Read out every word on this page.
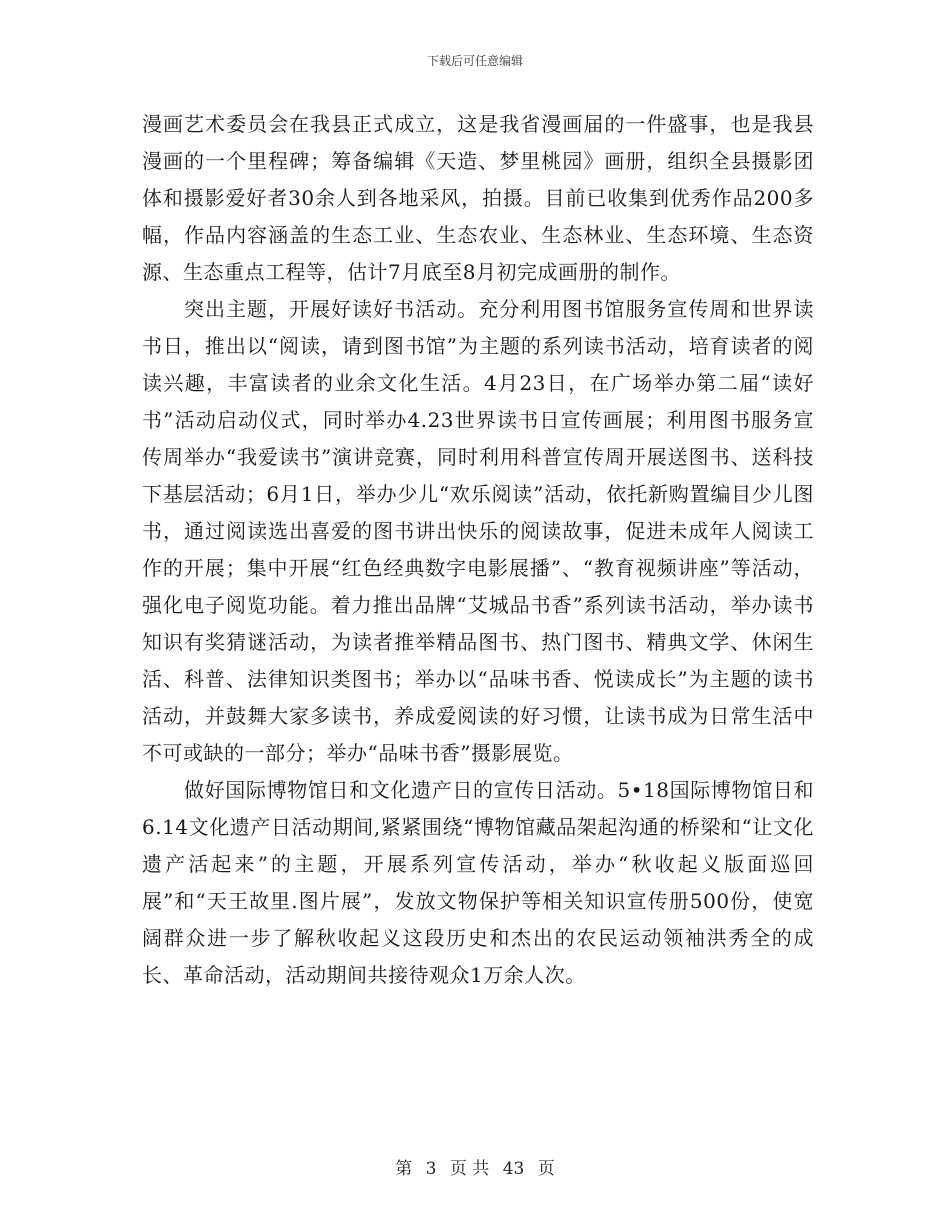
下载后可任意编辑

漫画艺术委员会在我县正式成立，这是我省漫画届的一件盛事，也是我县漫画的一个里程碑；筹备编辑《天造、梦里桃园》画册，组织全县摄影团体和摄影爱好者30余人到各地采风，拍摄。目前已收集到优秀作品200多幅，作品内容涵盖的生态工业、生态农业、生态林业、生态环境、生态资源、生态重点工程等，估计7月底至8月初完成画册的制作。

突出主题，开展好读好书活动。充分利用图书馆服务宣传周和世界读书日，推出以“阅读，请到图书馆”为主题的系列读书活动，培育读者的阅读兴趣，丰富读者的业余文化生活。4月23日，在广场举办第二届“读好书”活动启动仪式，同时举办4.23世界读书日宣传画展；利用图书服务宣传周举办“我爱读书”演讲竞赛，同时利用科普宣传周开展送图书、送科技下基层活动；6月1日，举办少儿“欢乐阅读”活动，依托新购置编目少儿图书，通过阅读选出喜爱的图书讲出快乐的阅读故事，促进未成年人阅读工作的开展；集中开展“红色经典数字电影展播”、“教育视频讲座”等活动，强化电子阅览功能。着力推出品牌“艾城品书香”系列读书活动，举办读书知识有奖猜谜活动，为读者推举精品图书、热门图书、精典文学、休闲生活、科普、法律知识类图书；举办以“品味书香、悦读成长”为主题的读书活动，并鼓舞大家多读书，养成爱阅读的好习惯，让读书成为日常生活中不可或缺的一部分；举办“品味书香”摄影展览。

做好国际博物馆日和文化遗产日的宣传日活动。5•18国际博物馆日和6.14文化遗产日活动期间,紧紧围绕“博物馆藏品架起沟通的桥梁和“让文化遗产活起来”的主题，开展系列宣传活动，举办“秋收起义版面巡回展”和“天王故里.图片展”，发放文物保护等相关知识宣传册500份，使宽阔群众进一步了解秋收起义这段历史和杰出的农民运动领袖洪秀全的成长、革命活动，活动期间共接待观众1万余人次。

第 3 页 共 43 页
